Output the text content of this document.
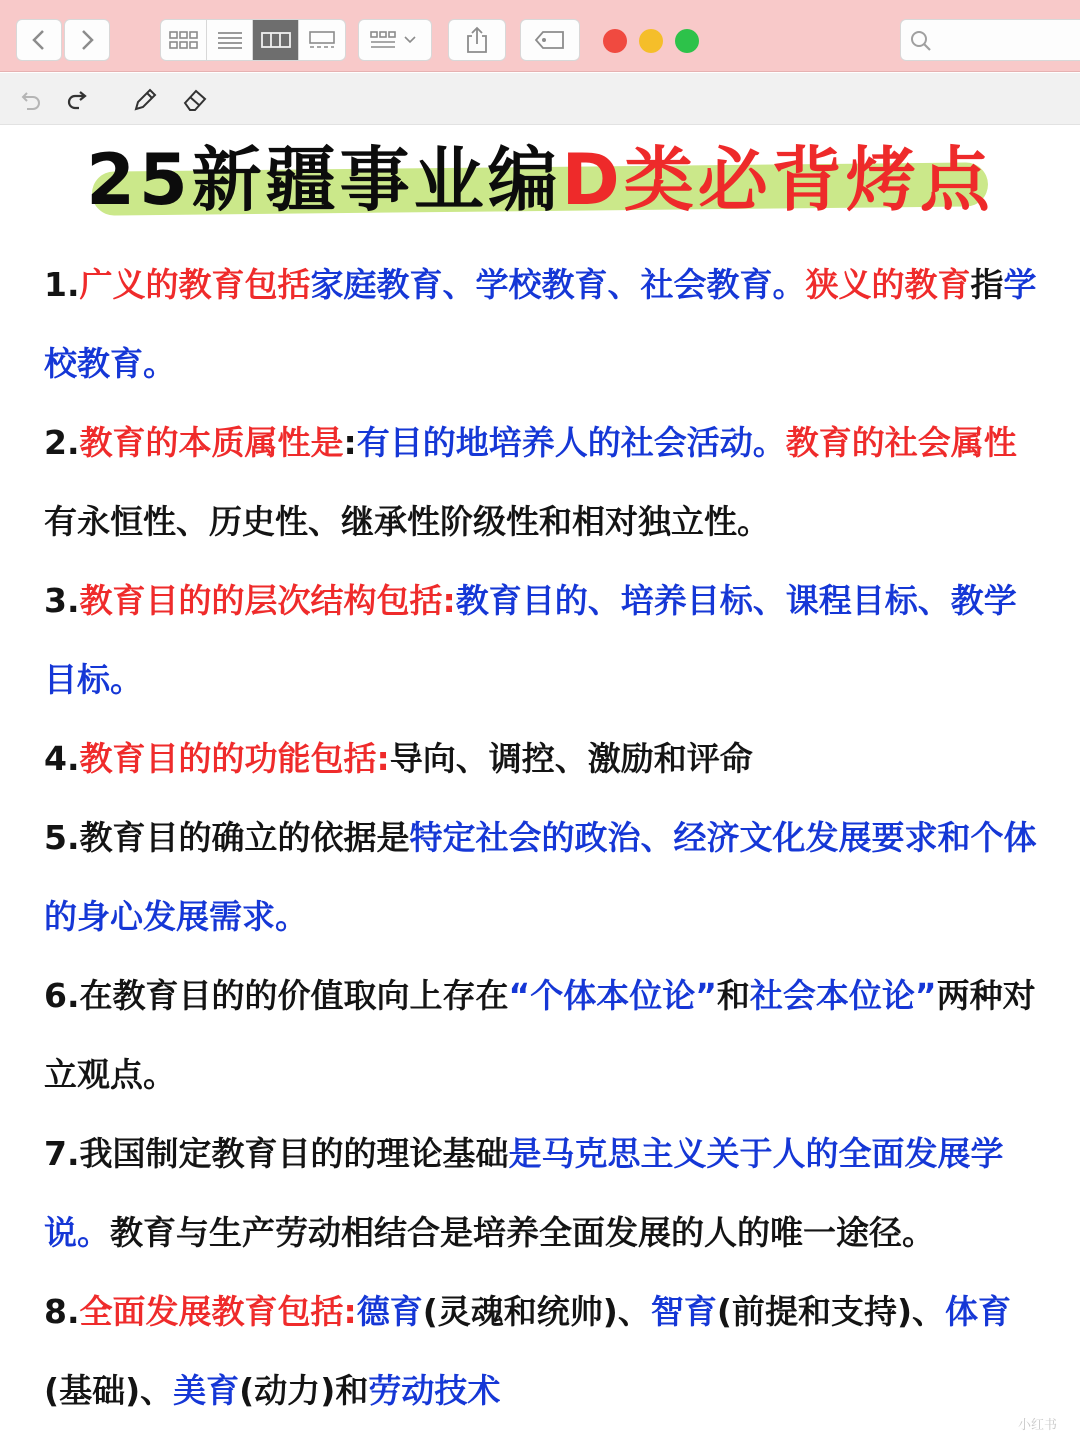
25新疆事业编D类必背烤点
1.广义的教育包括家庭教育、学校教育、社会教育。狭义的教育指学校教育。
2.教育的本质属性是:有目的地培养人的社会活动。教育的社会属性有永恒性、历史性、继承性阶级性和相对独立性。
3.教育目的的层次结构包括:教育目的、培养目标、课程目标、教学目标。
4.教育目的的功能包括:导向、调控、激励和评命
5.教育目的确立的依据是特定社会的政治、经济文化发展要求和个体的身心发展需求。
6.在教育目的的价值取向上存在“个体本位论”和社会本位论”两种对立观点。
7.我国制定教育目的的理论基础是马克思主义关于人的全面发展学说。教育与生产劳动相结合是培养全面发展的人的唯一途径。
8.全面发展教育包括:德育(灵魂和统帅)、智育(前提和支持)、体育(基础)、美育(动力)和劳动技术
小红书
